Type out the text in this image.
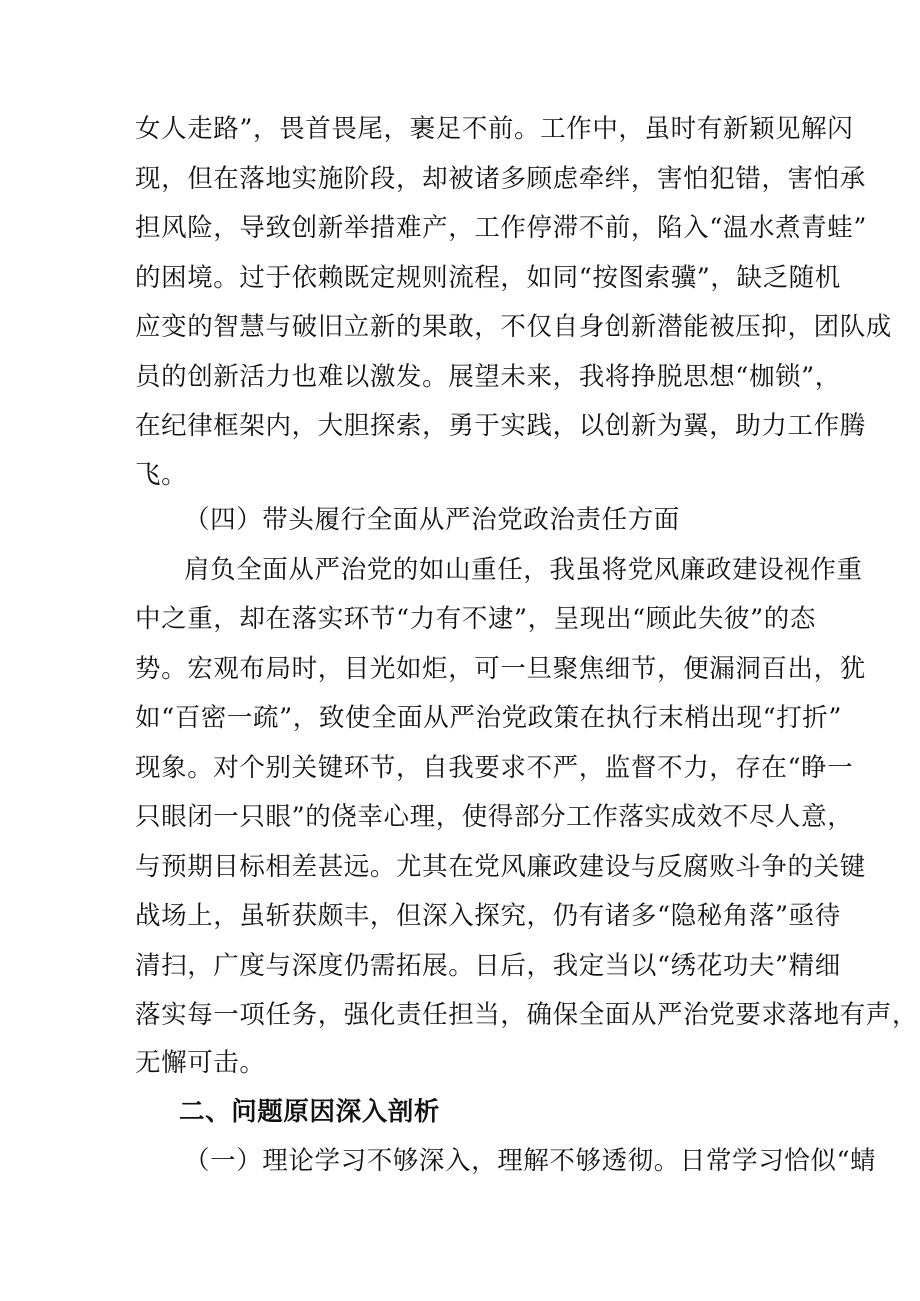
女人走路”，畏首畏尾，裹足不前。工作中，虽时有新颖见解闪
现，但在落地实施阶段，却被诸多顾虑牵绊，害怕犯错，害怕承
担风险，导致创新举措难产，工作停滞不前，陷入“温水煮青蛙”
的困境。过于依赖既定规则流程，如同“按图索骥”，缺乏随机
应变的智慧与破旧立新的果敢，不仅自身创新潜能被压抑，团队成
员的创新活力也难以激发。展望未来，我将挣脱思想“枷锁”，
在纪律框架内，大胆探索，勇于实践，以创新为翼，助力工作腾
飞。
（四）带头履行全面从严治党政治责任方面
肩负全面从严治党的如山重任，我虽将党风廉政建设视作重
中之重，却在落实环节“力有不逮”，呈现出“顾此失彼”的态
势。宏观布局时，目光如炬，可一旦聚焦细节，便漏洞百出，犹
如“百密一疏”，致使全面从严治党政策在执行末梢出现“打折”
现象。对个别关键环节，自我要求不严，监督不力，存在“睁一
只眼闭一只眼”的侥幸心理，使得部分工作落实成效不尽人意，
与预期目标相差甚远。尤其在党风廉政建设与反腐败斗争的关键
战场上，虽斩获颇丰，但深入探究，仍有诸多“隐秘角落”亟待
清扫，广度与深度仍需拓展。日后，我定当以“绣花功夫”精细
落实每一项任务，强化责任担当，确保全面从严治党要求落地有声，
无懈可击。
二、问题原因深入剖析
（一）理论学习不够深入，理解不够透彻。日常学习恰似“蜻
